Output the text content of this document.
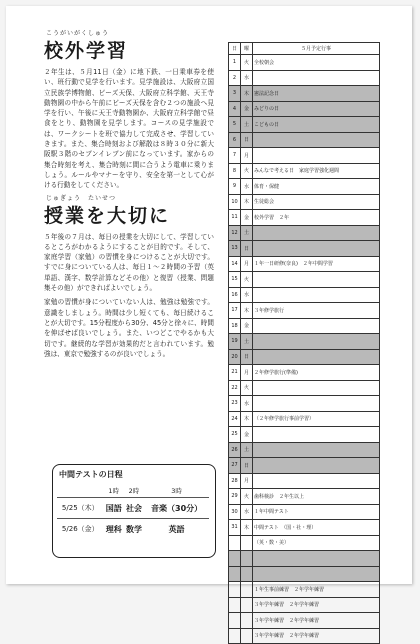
こうがいがくしゅう
校外学習

２年生は、５月11日（金）に地下鉄、一日乗車券を使い、班行動で見学を行います。見学施設は、大阪府立国立民族学博物館、ビーズ天保、大阪府立科学館、天王寺動物園の中から午前にビーズ天保を含む２つの施設へ見学を行い、午後に天王寺動物園か、大阪府立科学館で昼食をとり、動物園を見学します。コースの見学施設では、ワークシートを班で協力して完成させ、学習していきます。また、集合時刻および解散は８時３０分に新大阪駅３階のセブンイレブン前になっています。家からの集合時刻を考え、集合時刻に間に合うよう電車に乗りましょう。ルールやマナーを守り、安全を第一として心がける行動をしてください。

じゅぎょう　たいせつ
授業を大切に

５年後の７月は、毎日の授業を大切にして、学習しているところがわかるようにすることが目的です。そして、家庭学習（家勉）の習慣を身につけることが大切です。すでに身についている人は、毎日１〜２時間の予習（英単語、漢字、数学計算などその他）と復習（授業、問題集その他）ができればよいでしょう。

家勉の習慣が身についていない人は、勉強は勉強です。意識をしましょう。時間は少し短くても、毎日続けることが大切です。15分程度から30分、45分と徐々に、時間を伸ばせば良いでしょう。また、いつどこでやるかも大切です。継続的な学習が効果的だと言われています。勉強は、東京で勉強するのが良いでしょう。

中間テストの日程
	1時	2時	3時
5/25（木）	国語	社会	音楽（30分）
5/26（金）	理科	数学	英語
日	曜	５月予定行事
1	火	全校朝会
2	水	
3	木	憲法記念日
4	金	みどりの日
5	土	こどもの日
6	日	
7	月	
8	火	みんなで考える日　家庭学習強化週間
9	水	体育・保健
10	木	生徒総会
11	金	校外学習　２年
12	土	
13	日	
14	月	１年一日研修(奈良)　２年中間学習
15	火	
16	水	
17	木	３年修学旅行
18	金	
19	土	
20	日	
21	月	２年修学旅行(準備)
22	火	
23	水	
24	木	（２年修学旅行事前学習）
25	金	
26	土	
27	日	
28	月	
29	火	歯科検診　２年生以上
30	水	１年中間テスト
31	木	中間テスト　（国・社・理）
		（英・数・美）

		１年生事前練習　２年学年練習
		３年学年練習　２年学年練習
		３年学年練習　２年学年練習
		３年学年練習　２年学年練習
